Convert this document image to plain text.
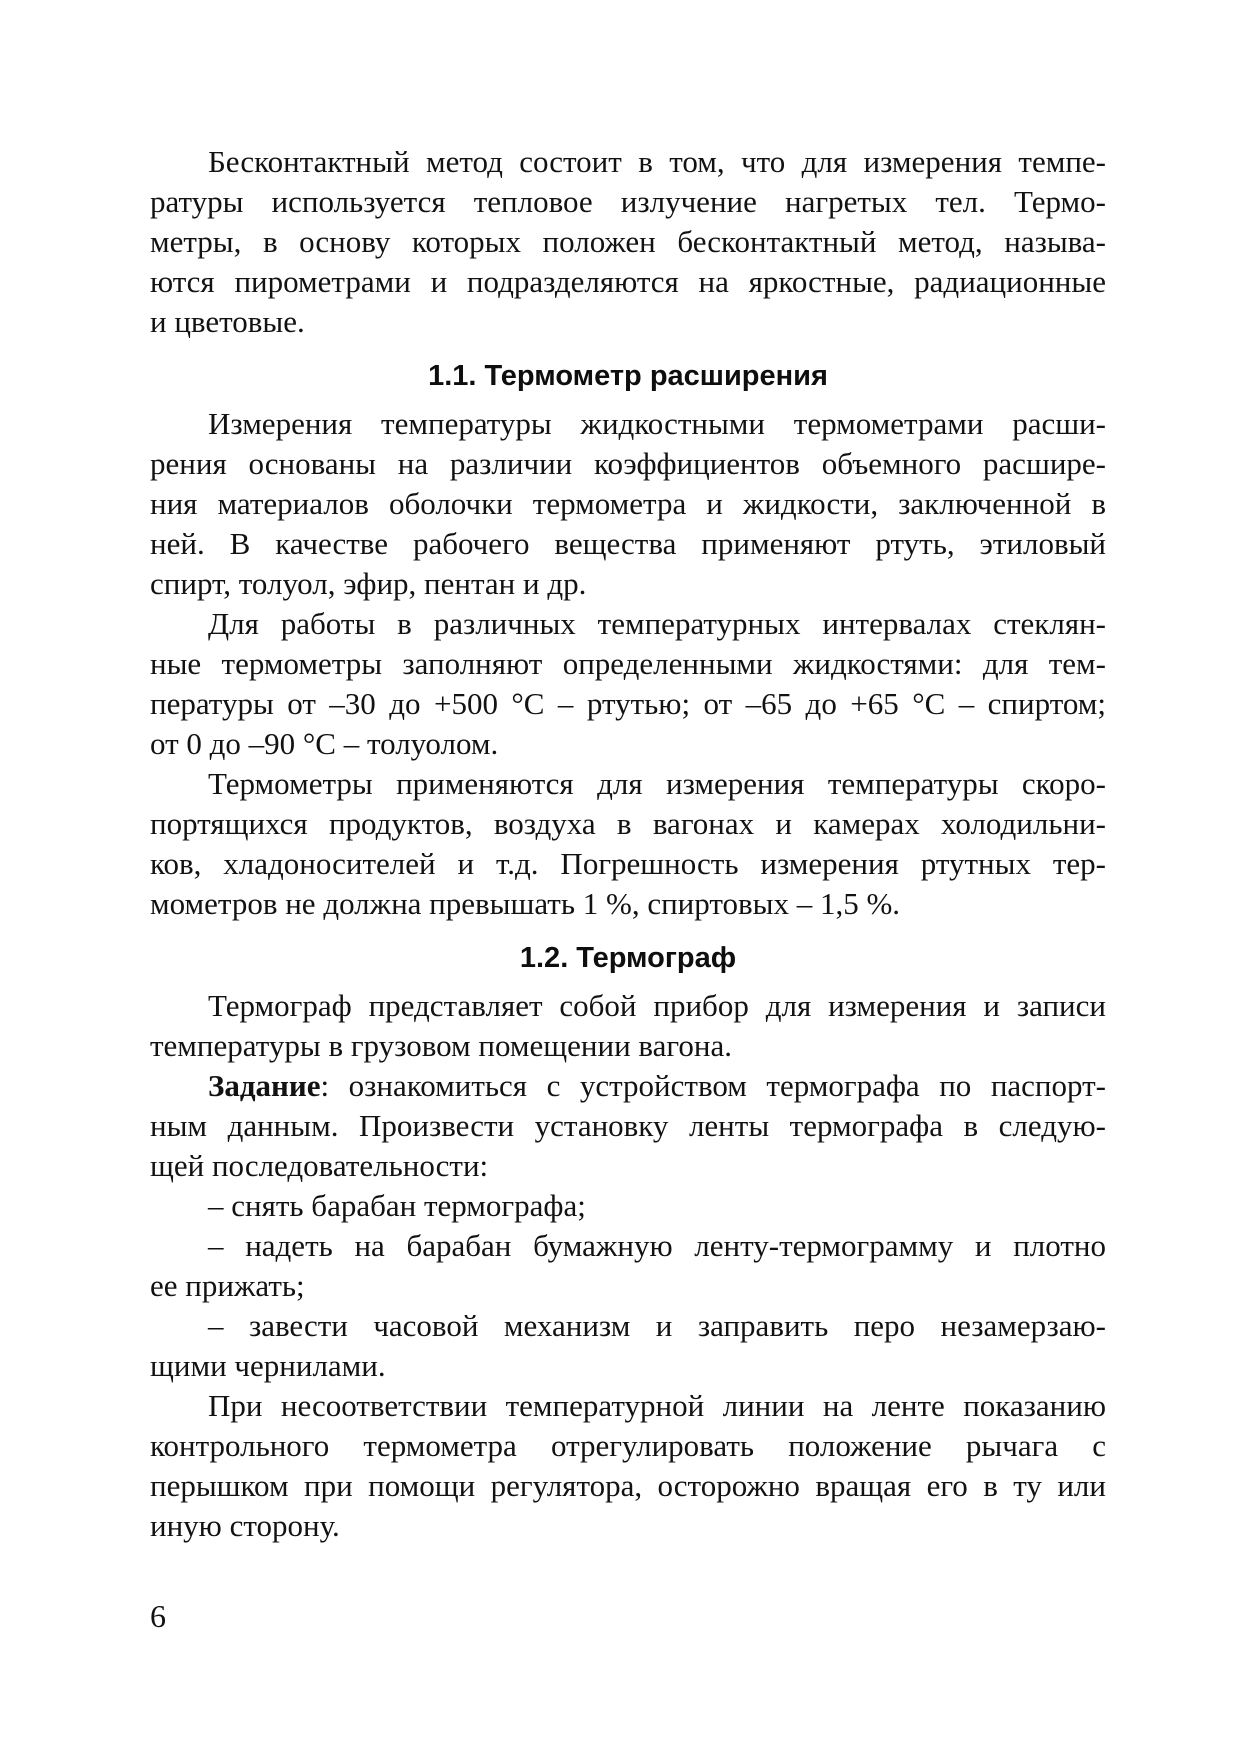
Бесконтактный метод состоит в том, что для измерения темпе-
ратуры используется тепловое излучение нагретых тел. Термо-
метры, в основу которых положен бесконтактный метод, называ-
ются пирометрами и подразделяются на яркостные, радиационные
и цветовые.
1.1. Термометр расширения
Измерения температуры жидкостными термометрами расши-
рения основаны на различии коэффициентов объемного расшире-
ния материалов оболочки термометра и жидкости, заключенной в
ней. В качестве рабочего вещества применяют ртуть, этиловый
спирт, толуол, эфир, пентан и др.
Для работы в различных температурных интервалах стеклян-
ные термометры заполняют определенными жидкостями: для тем-
пературы от –30 до +500 °С – ртутью; от –65 до +65 °С – спиртом;
от 0 до –90 °С – толуолом.
Термометры применяются для измерения температуры скоро-
портящихся продуктов, воздуха в вагонах и камерах холодильни-
ков, хладоносителей и т.д. Погрешность измерения ртутных тер-
мометров не должна превышать 1 %, спиртовых – 1,5 %.
1.2. Термограф
Термограф представляет собой прибор для измерения и записи
температуры в грузовом помещении вагона.
Задание: ознакомиться с устройством термографа по паспорт-
ным данным. Произвести установку ленты термографа в следую-
щей последовательности:
– снять барабан термографа;
– надеть на барабан бумажную ленту-термограмму и плотно
ее прижать;
– завести часовой механизм и заправить перо незамерзаю-
щими чернилами.
При несоответствии температурной линии на ленте показанию
контрольного термометра отрегулировать положение рычага с
перышком при помощи регулятора, осторожно вращая его в ту или
иную сторону.
6
